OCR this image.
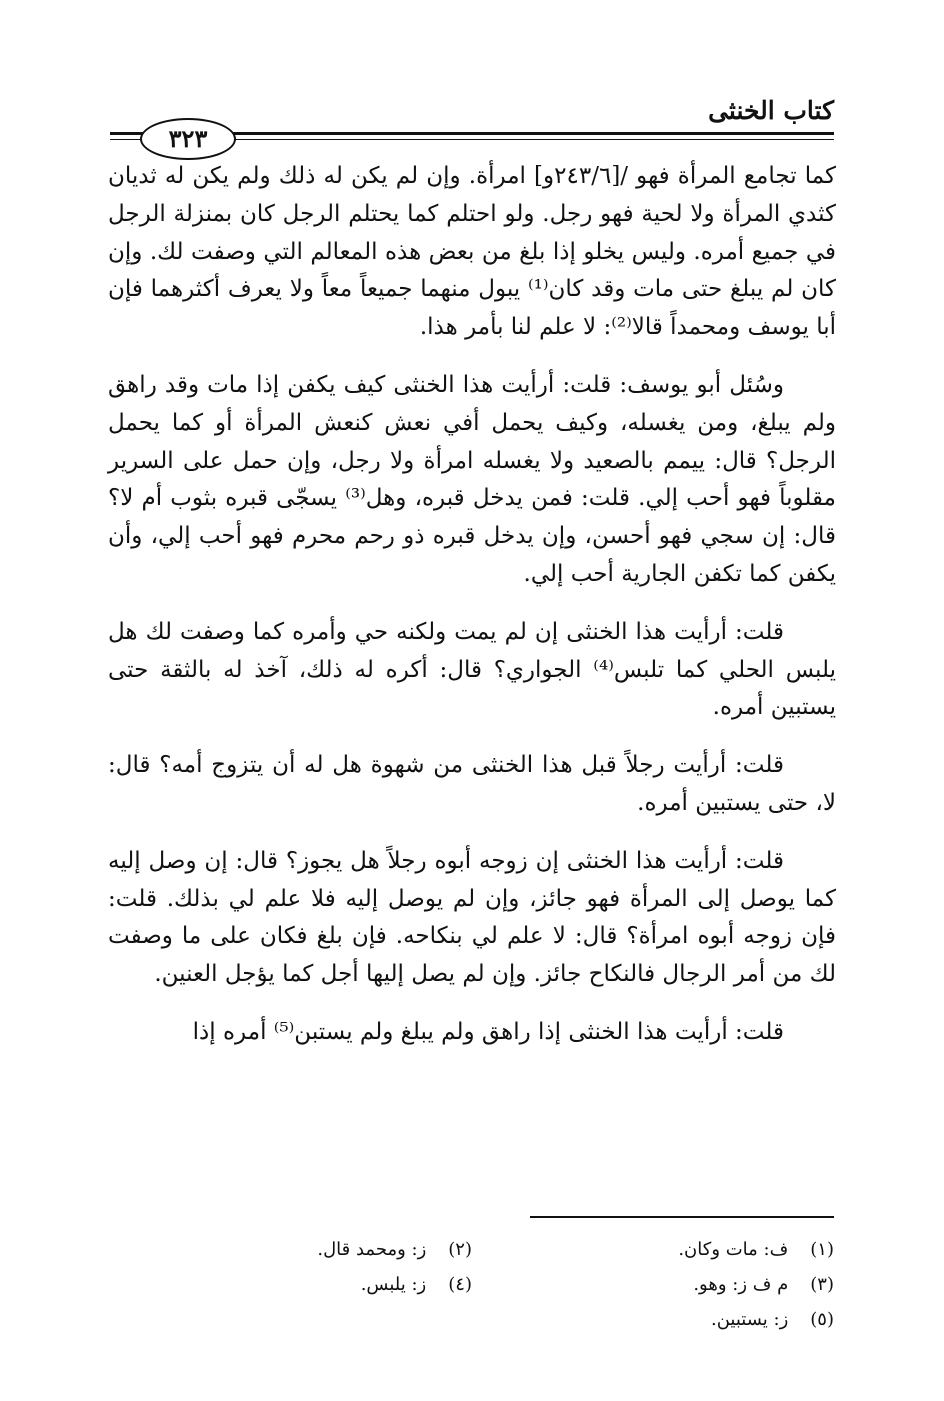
كتاب الخنثى
٣٢٣

كما تجامع المرأة فهو /[٢٤٣/٦و] امرأة. وإن لم يكن له ذلك ولم يكن له ثديان كثدي المرأة ولا لحية فهو رجل. ولو احتلم كما يحتلم الرجل كان بمنزلة الرجل في جميع أمره. وليس يخلو إذا بلغ من بعض هذه المعالم التي وصفت لك. وإن كان لم يبلغ حتى مات وقد كان⁽¹⁾ يبول منهما جميعاً معاً ولا يعرف أكثرهما فإن أبا يوسف ومحمداً قالا⁽²⁾: لا علم لنا بأمر هذا.

وسُئل أبو يوسف: قلت: أرأيت هذا الخنثى كيف يكفن إذا مات وقد راهق ولم يبلغ، ومن يغسله، وكيف يحمل أفي نعش كنعش المرأة أو كما يحمل الرجل؟ قال: ييمم بالصعيد ولا يغسله امرأة ولا رجل، وإن حمل على السرير مقلوباً فهو أحب إلي. قلت: فمن يدخل قبره، وهل⁽³⁾ يسجّى قبره بثوب أم لا؟ قال: إن سجي فهو أحسن، وإن يدخل قبره ذو رحم محرم فهو أحب إلي، وأن يكفن كما تكفن الجارية أحب إلي.

قلت: أرأيت هذا الخنثى إن لم يمت ولكنه حي وأمره كما وصفت لك هل يلبس الحلي كما تلبس⁽⁴⁾ الجواري؟ قال: أكره له ذلك، آخذ له بالثقة حتى يستبين أمره.

قلت: أرأيت رجلاً قبل هذا الخنثى من شهوة هل له أن يتزوج أمه؟ قال: لا، حتى يستبين أمره.

قلت: أرأيت هذا الخنثى إن زوجه أبوه رجلاً هل يجوز؟ قال: إن وصل إليه كما يوصل إلى المرأة فهو جائز، وإن لم يوصل إليه فلا علم لي بذلك. قلت: فإن زوجه أبوه امرأة؟ قال: لا علم لي بنكاحه. فإن بلغ فكان على ما وصفت لك من أمر الرجال فالنكاح جائز. وإن لم يصل إليها أجل كما يؤجل العنين.

قلت: أرأيت هذا الخنثى إذا راهق ولم يبلغ ولم يستبن⁽⁵⁾ أمره إذا

(١) ف: مات وكان.
(٢) ز: ومحمد قال.
(٣) م ف ز: وهو.
(٤) ز: يلبس.
(٥) ز: يستبين.
